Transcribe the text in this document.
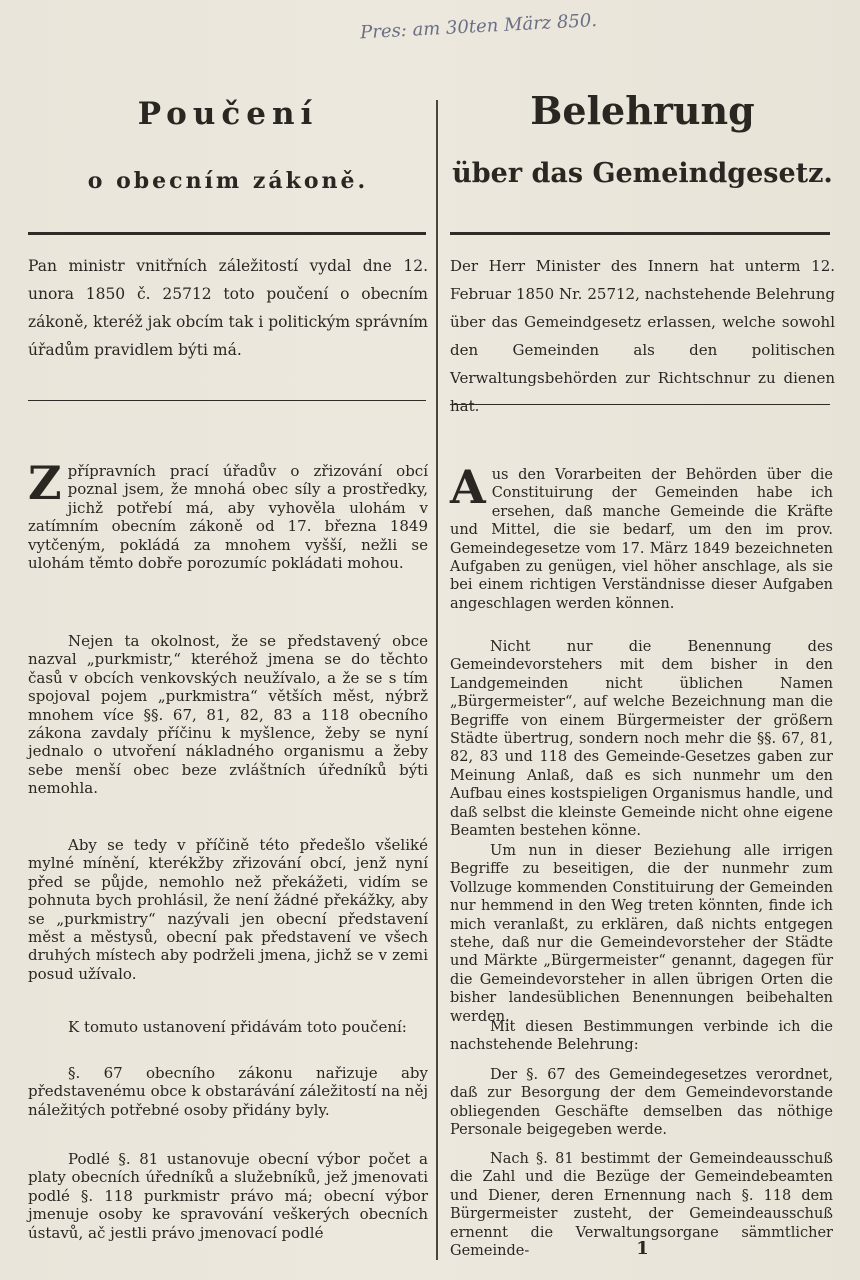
Pres: am 30ten März 850.
Poučení
o obecním zákoně.

Pan ministr vnitřních záležitostí vydal dne 12. unora 1850 č. 25712 toto poučení o obecním zákoně, kteréž jak obcím tak i politickým správním úřadům pravidlem býti má.

Zpřípravních prací úřadův o zřizování obcí poznal jsem, že mnohá obec síly a prostředky, jichž potřebí má, aby vyhověla ulohám v zatímním obecním zákoně od 17. března 1849 vytčeným, pokládá za mnohem vyšší, nežli se ulohám těmto dobře porozumíc pokládati mohou.

Nejen ta okolnost, že se představený obce nazval „purkmistr,“ kteréhož jmena se do těchto časů v obcích venkovských neužívalo, a že se s tím spojoval pojem „purkmistra“ větších měst, nýbrž mnohem více §§. 67, 81, 82, 83 a 118 obecního zákona zavdaly příčinu k myšlence, žeby se nyní jednalo o utvoření nákladného organismu a žeby sebe menší obec beze zvláštních úředníků býti nemohla.

Aby se tedy v příčině této předešlo všeliké mylné mínění, kterékžby zřizování obcí, jenž nyní před se půjde, nemohlo než překážeti, vidím se pohnuta bych prohlásil, že není žádné překážky, aby se „purkmistry“ nazývali jen obecní představení měst a městysů, obecní pak představení ve všech druhých místech aby podrželi jmena, jichž se v zemi posud užívalo.

K tomuto ustanovení přidávám toto poučení:

§. 67 obecního zákonu nařizuje aby představenému obce k obstarávání záležitostí na něj náležitých potřebné osoby přidány byly.

Podlé §. 81 ustanovuje obecní výbor počet a platy obecních úředníků a služebníků, jež jmenovati podlé §. 118 purkmistr právo má; obecní výbor jmenuje osoby ke spravování veškerých obecních ústavů, ač jestli právo jmenovací podlé

Belehrung
über das Gemeindgesetz.

Der Herr Minister des Innern hat unterm 12. Februar 1850 Nr. 25712, nachstehende Belehrung über das Gemeindgesetz erlassen, welche sowohl den Gemeinden als den politischen Verwaltungsbehörden zur Richtschnur zu dienen hat.

Aus den Vorarbeiten der Behörden über die Constituirung der Gemeinden habe ich ersehen, daß manche Gemeinde die Kräfte und Mittel, die sie bedarf, um den im prov. Gemeindegesetze vom 17. März 1849 bezeichneten Aufgaben zu genügen, viel höher anschlage, als sie bei einem richtigen Verständnisse dieser Aufgaben angeschlagen werden können.

Nicht nur die Benennung des Gemeindevorstehers mit dem bisher in den Landgemeinden nicht üblichen Namen „Bürgermeister“, auf welche Bezeichnung man die Begriffe von einem Bürgermeister der größern Städte übertrug, sondern noch mehr die §§. 67, 81, 82, 83 und 118 des Gemeinde-Gesetzes gaben zur Meinung Anlaß, daß es sich nunmehr um den Aufbau eines kostspieligen Organismus handle, und daß selbst die kleinste Gemeinde nicht ohne eigene Beamten bestehen könne.

Um nun in dieser Beziehung alle irrigen Begriffe zu beseitigen, die der nunmehr zum Vollzuge kommenden Constituirung der Gemeinden nur hemmend in den Weg treten könnten, finde ich mich veranlaßt, zu erklären, daß nichts entgegen stehe, daß nur die Gemeindevorsteher der Städte und Märkte „Bürgermeister“ genannt, dagegen für die Gemeindevorsteher in allen übrigen Orten die bisher landesüblichen Benennungen beibehalten werden.

Mit diesen Bestimmungen verbinde ich die nachstehende Belehrung:

Der §. 67 des Gemeindegesetzes verordnet, daß zur Besorgung der dem Gemeindevorstande obliegenden Geschäfte demselben das nöthige Personale beigegeben werde.

Nach §. 81 bestimmt der Gemeindeausschuß die Zahl und die Bezüge der Gemeindebeamten und Diener, deren Ernennung nach §. 118 dem Bürgermeister zusteht, der Gemeindeausschuß ernennt die Verwaltungsorgane sämmtlicher Gemeinde-	1
